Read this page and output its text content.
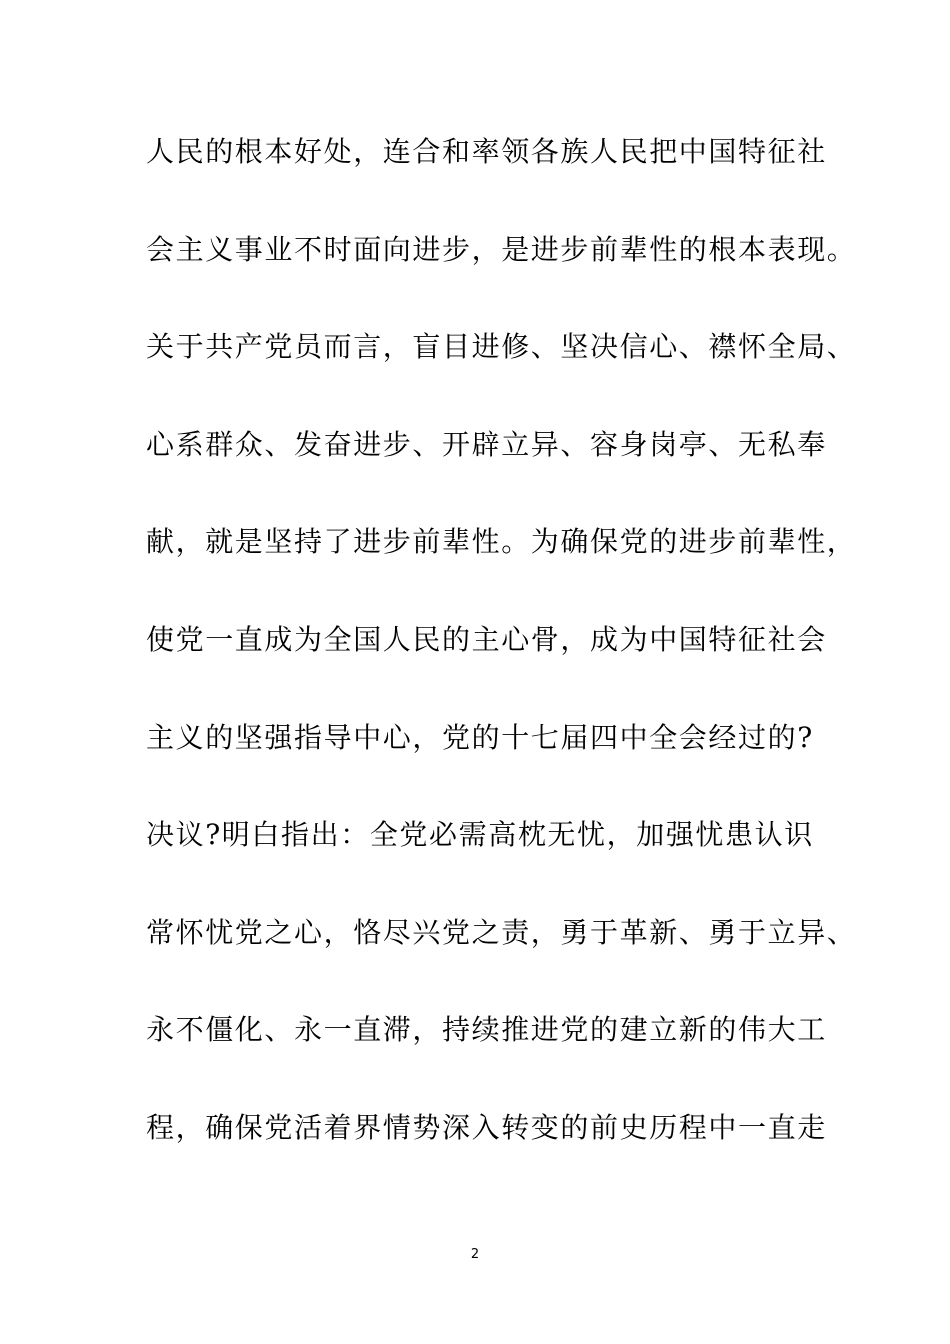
人民的根本好处，连合和率领各族人民把中国特征社
会主义事业不时面向进步，是进步前辈性的根本表现。
关于共产党员而言，盲目进修、坚决信心、襟怀全局、
心系群众、发奋进步、开辟立异、容身岗亭、无私奉
献，就是坚持了进步前辈性。为确保党的进步前辈性，
使党一直成为全国人民的主心骨，成为中国特征社会
主义的坚强指导中心，党的十七届四中全会经过的?
决议?明白指出：全党必需高枕无忧，加强忧患认识
常怀忧党之心，恪尽兴党之责，勇于革新、勇于立异、
永不僵化、永一直滞，持续推进党的建立新的伟大工
程，确保党活着界情势深入转变的前史历程中一直走
2
